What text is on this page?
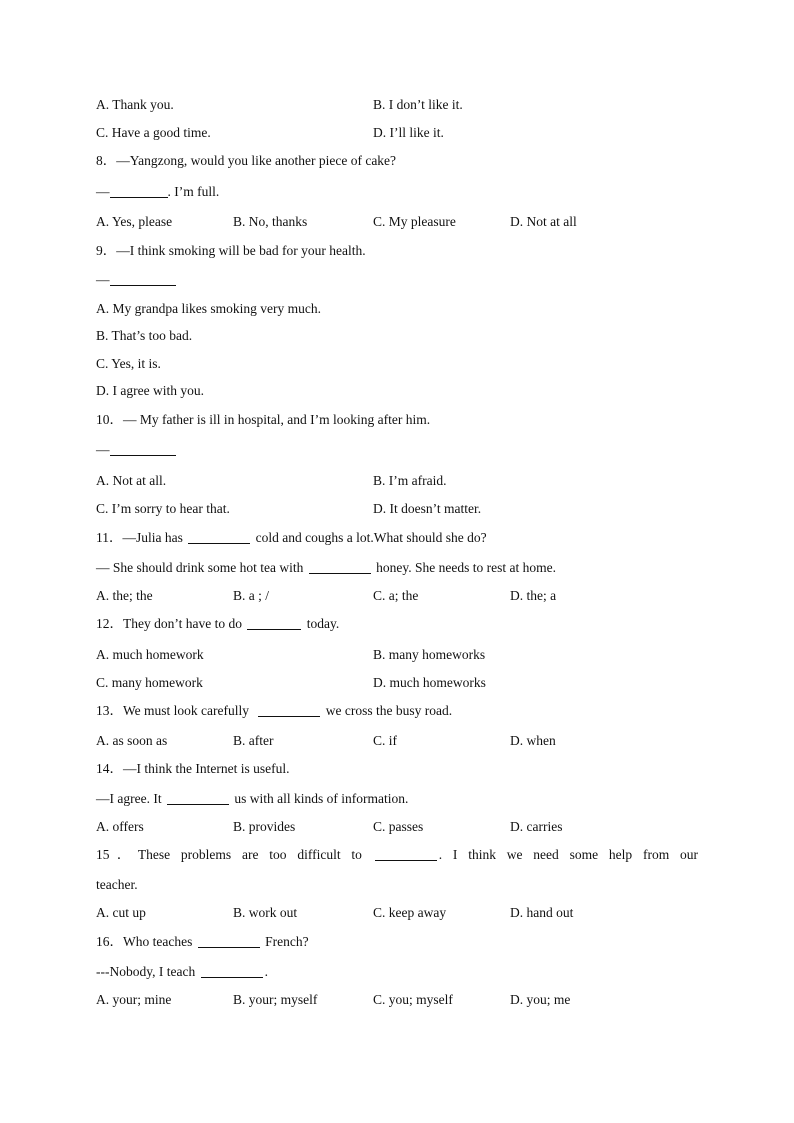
A. Thank you.	B. I don’t like it.
C. Have a good time.	D. I’ll like it.
8．—Yangzong, would you like another piece of cake?
—	. I’m full.
A. Yes, please	B. No, thanks	C. My pleasure	D. Not at all
9．—I think smoking will be bad for your health.
—
A. My grandpa likes smoking very much.
B. That’s too bad.
C. Yes, it is.
D. I agree with you.
10．— My father is ill in hospital, and I’m looking after him.
—
A. Not at all.	B. I’m afraid.
C. I’m sorry to hear that.	D. It doesn’t matter.
11．—Julia has	cold and coughs a lot.What should she do?
— She should drink some hot tea with	honey. She needs to rest at home.
A. the; the	B. a ; /	C. a; the	D. the; a
12．They don’t have to do	today.
A. much homework	B. many homeworks
C. many homework	D. much homeworks
13．We must look carefully	we cross the busy road.
A. as soon as	B. after	C. if	D. when
14．—I think the Internet is useful.
—I agree. It	us with all kinds of information.
A. offers	B. provides	C. passes	D. carries
15．These problems are too difficult to	. I think we need some help from our
teacher.
A. cut up	B. work out	C. keep away	D. hand out
16．Who teaches	French?
---Nobody, I teach	.
A. your; mine	B. your; myself	C. you; myself	D. you; me
